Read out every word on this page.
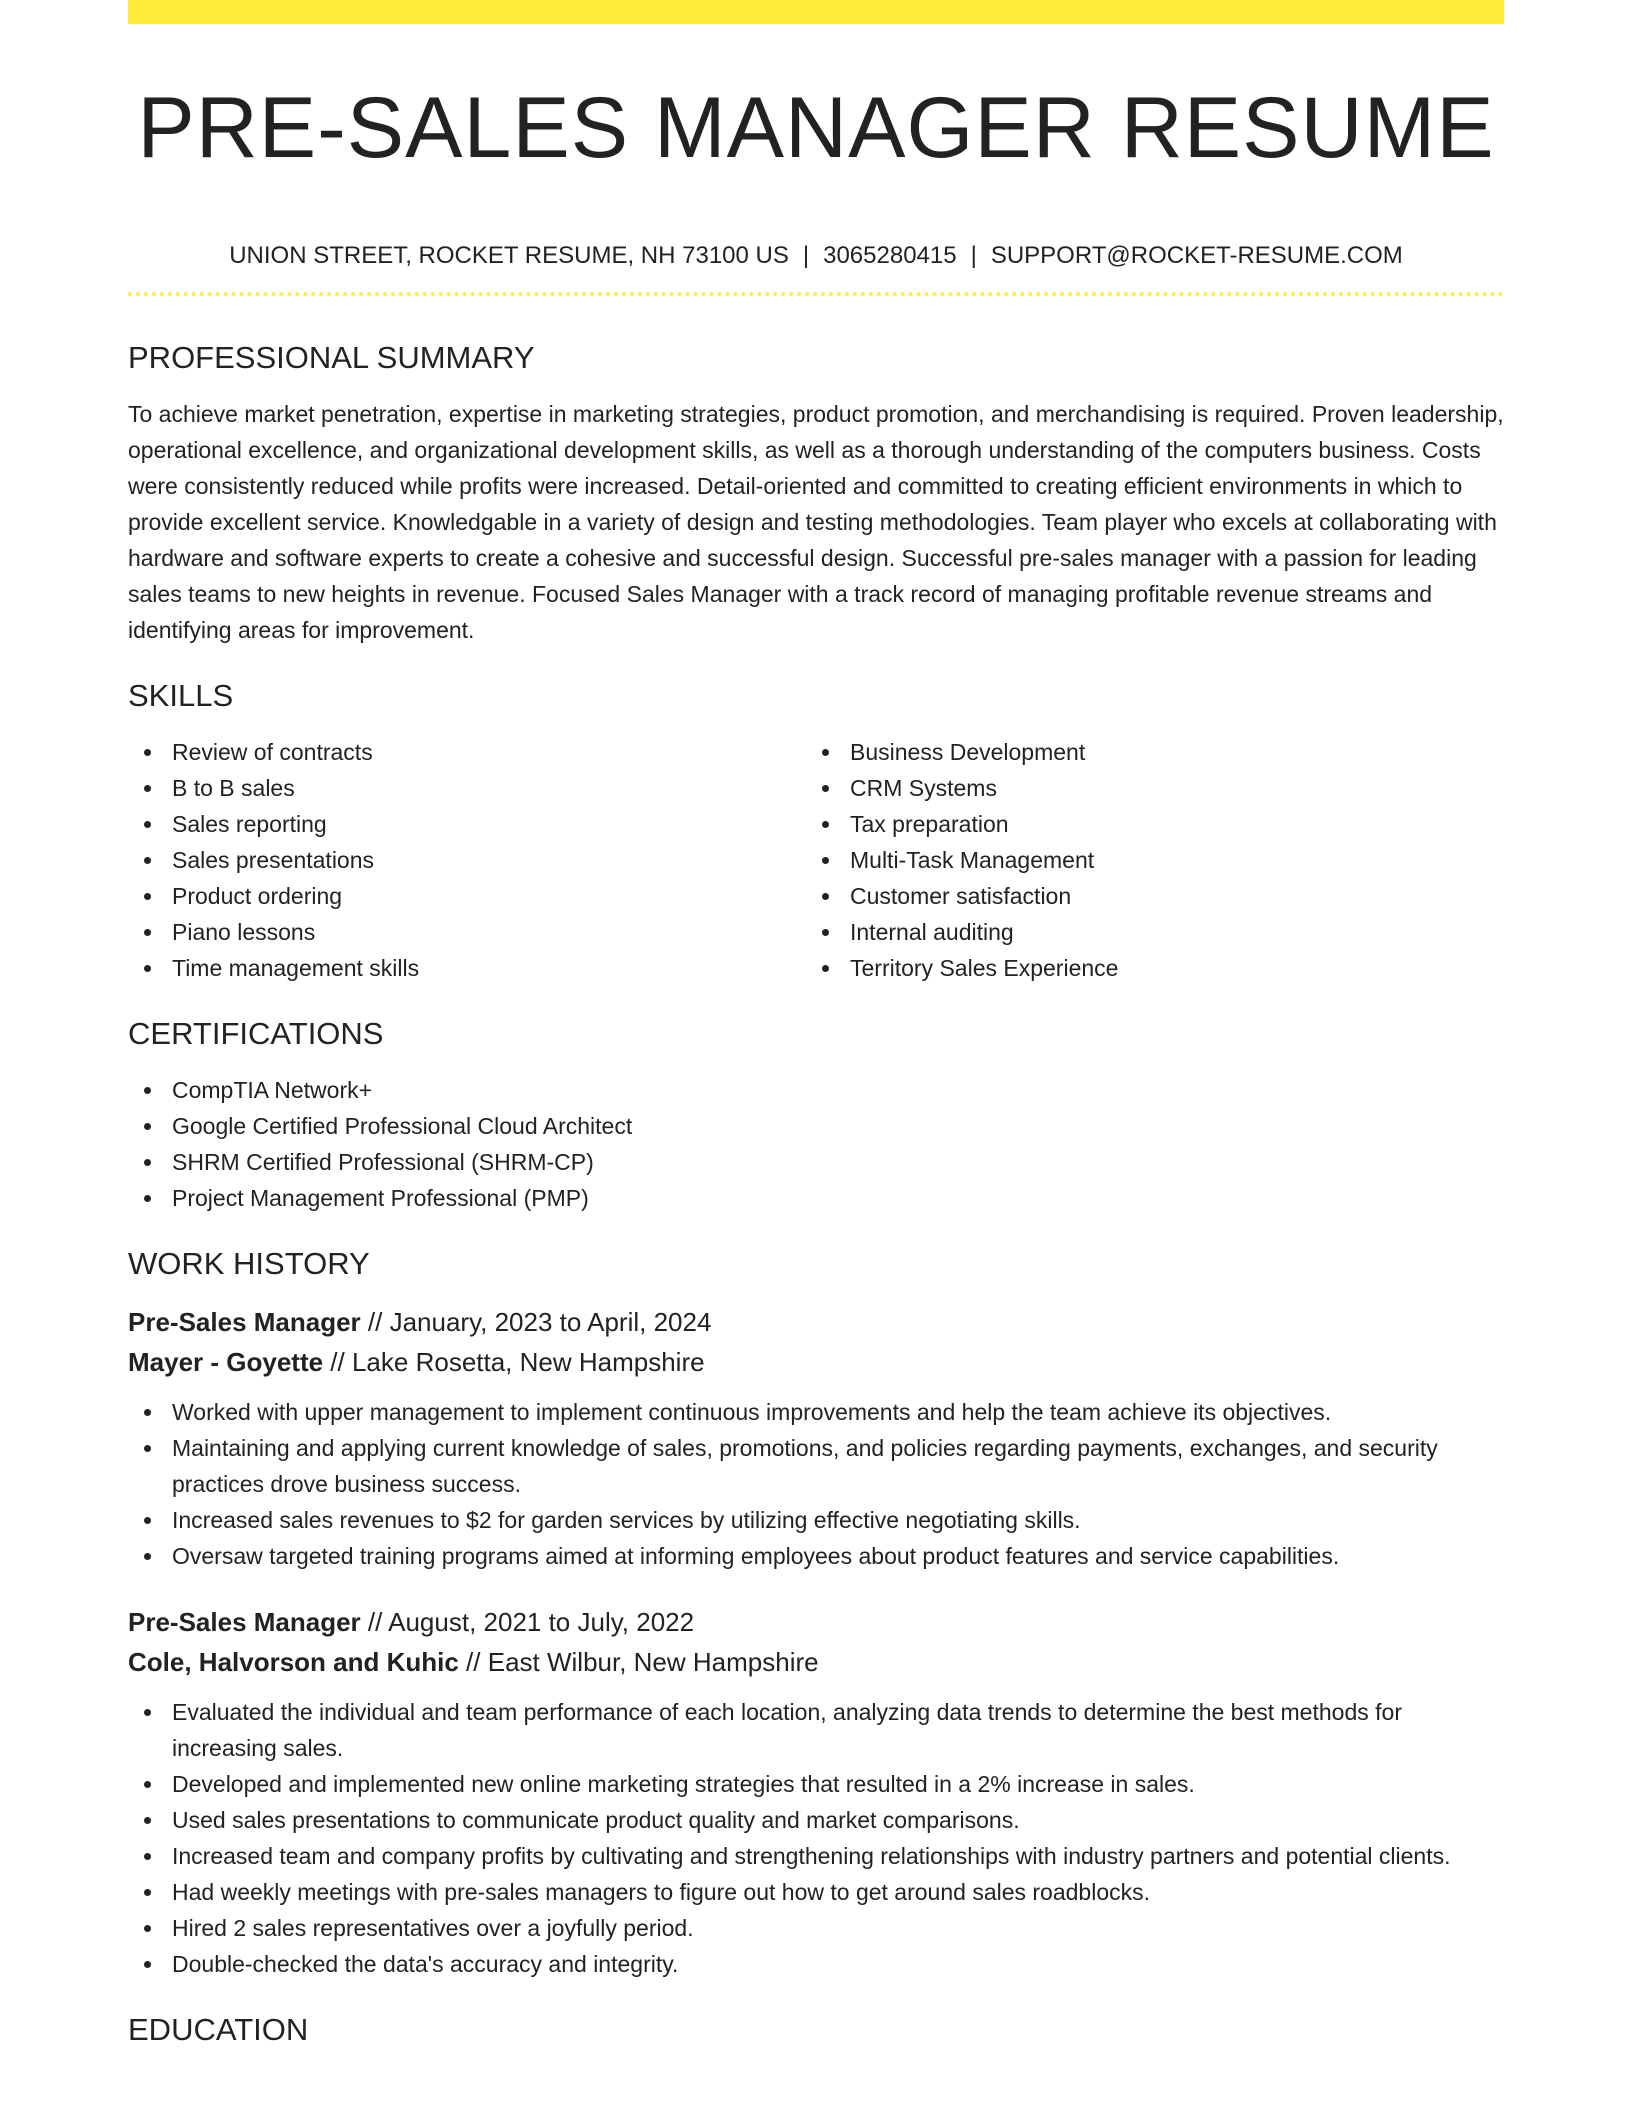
PRE-SALES MANAGER RESUME
UNION STREET, ROCKET RESUME, NH 73100 US | 3065280415 | SUPPORT@ROCKET-RESUME.COM
PROFESSIONAL SUMMARY

To achieve market penetration, expertise in marketing strategies, product promotion, and merchandising is required. Proven leadership, operational excellence, and organizational development skills, as well as a thorough understanding of the computers business. Costs were consistently reduced while profits were increased. Detail-oriented and committed to creating efficient environments in which to provide excellent service. Knowledgable in a variety of design and testing methodologies. Team player who excels at collaborating with hardware and software experts to create a cohesive and successful design. Successful pre-sales manager with a passion for leading sales teams to new heights in revenue. Focused Sales Manager with a track record of managing profitable revenue streams and identifying areas for improvement.

SKILLS
Review of contracts
B to B sales
Sales reporting
Sales presentations
Product ordering
Piano lessons
Time management skills
Business Development
CRM Systems
Tax preparation
Multi-Task Management
Customer satisfaction
Internal auditing
Territory Sales Experience
CERTIFICATIONS
CompTIA Network+
Google Certified Professional Cloud Architect
SHRM Certified Professional (SHRM-CP)
Project Management Professional (PMP)
WORK HISTORY
Pre-Sales Manager // January, 2023 to April, 2024
Mayer - Goyette // Lake Rosetta, New Hampshire
Worked with upper management to implement continuous improvements and help the team achieve its objectives.
Maintaining and applying current knowledge of sales, promotions, and policies regarding payments, exchanges, and security practices drove business success.
Increased sales revenues to $2 for garden services by utilizing effective negotiating skills.
Oversaw targeted training programs aimed at informing employees about product features and service capabilities.
Pre-Sales Manager // August, 2021 to July, 2022
Cole, Halvorson and Kuhic // East Wilbur, New Hampshire
Evaluated the individual and team performance of each location, analyzing data trends to determine the best methods for increasing sales.
Developed and implemented new online marketing strategies that resulted in a 2% increase in sales.
Used sales presentations to communicate product quality and market comparisons.
Increased team and company profits by cultivating and strengthening relationships with industry partners and potential clients.
Had weekly meetings with pre-sales managers to figure out how to get around sales roadblocks.
Hired 2 sales representatives over a joyfully period.
Double-checked the data's accuracy and integrity.
EDUCATION
